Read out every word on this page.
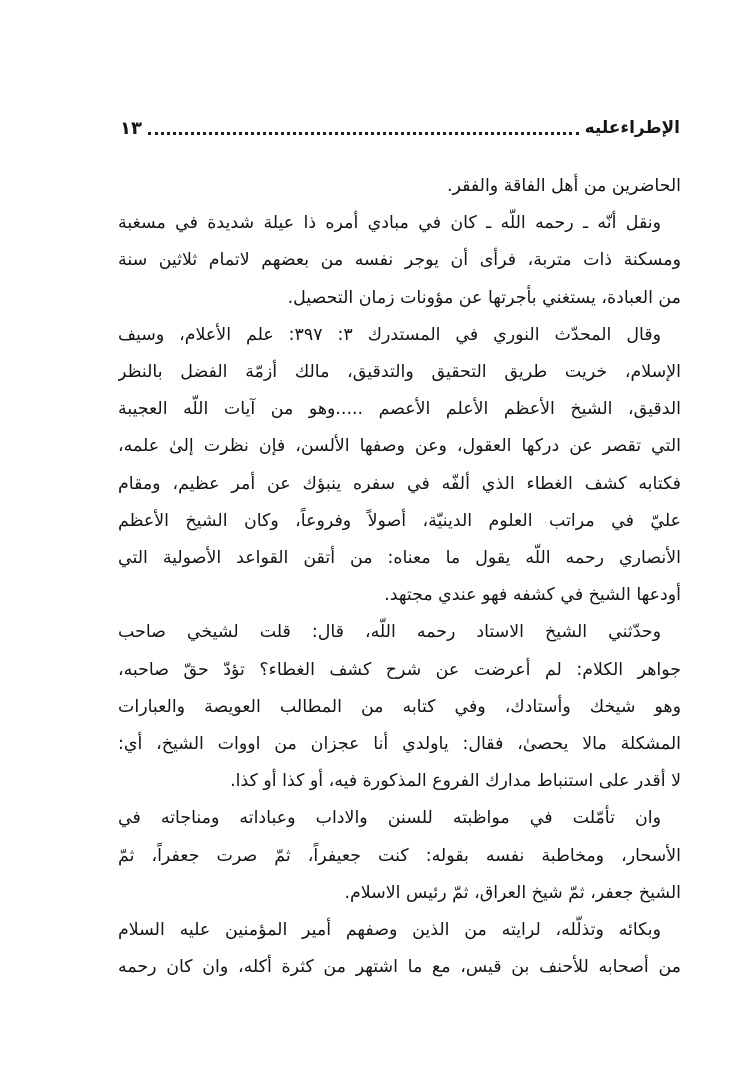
الإطراءعليه
١٣
الحاضرين من أهل الفاقة والفقر.
ونقل أنّه ـ رحمه اللّه ـ كان في مبادي أمره ذا عيلة شديدة في مسغبة
ومسكنة ذات متربة، فرأى أن يوجر نفسه من بعضهم لاتمام ثلاثين سنة
من العبادة، يستغني بأجرتها عن مؤونات زمان التحصيل.
وقال المحدّث النوري في المستدرك ٣: ٣٩٧: علم الأعلام، وسيف
الإسلام، خريت طريق التحقيق والتدقيق، مالك أزمّة الفضل بالنظر
الدقيق، الشيخ الأعظم الأعلم الأعصم .....وهو من آيات اللّه العجيبة
التي تقصر عن دركها العقول، وعن وصفها الألسن، فإن نظرت إلىٰ علمه،
فكتابه كشف الغطاء الذي ألفّه في سفره ينبؤك عن أمر عظيم، ومقام
عليّ في مراتب العلوم الدينيّة، أصولاً وفروعاً، وكان الشيخ الأعظم
الأنصاري رحمه اللّه يقول ما معناه: من أتقن القواعد الأصولية التي
أودعها الشيخ في كشفه فهو عندي مجتهد.
وحدّثني الشيخ الاستاد رحمه اللّه، قال: قلت لشيخي صاحب
جواهر الكلام: لم أعرضت عن شرح كشف الغطاء؟ تؤدّ حقّ صاحبه،
وهو شيخك وأستادك، وفي كتابه من المطالب العويصة والعبارات
المشكلة مالا يحصىٰ، فقال: ياولدي أنا عجزان من اووات الشيخ، أي:
لا أقدر على استنباط مدارك الفروع المذكورة فيه، أو كذا أو كذا.
وان تأمّلت في مواظبته للسنن والاداب وعباداته ومناجاته في
الأسحار، ومخاطبة نفسه بقوله: كنت جعيفراً، ثمّ صرت جعفراً، ثمّ
الشيخ جعفر، ثمّ شيخ العراق، ثمّ رئيس الاسلام.
وبكائه وتذلّله، لرايته من الذين وصفهم أمير المؤمنين عليه السلام
من أصحابه للأحنف بن قيس، مع ما اشتهر من كثرة أكله، وان كان رحمه
